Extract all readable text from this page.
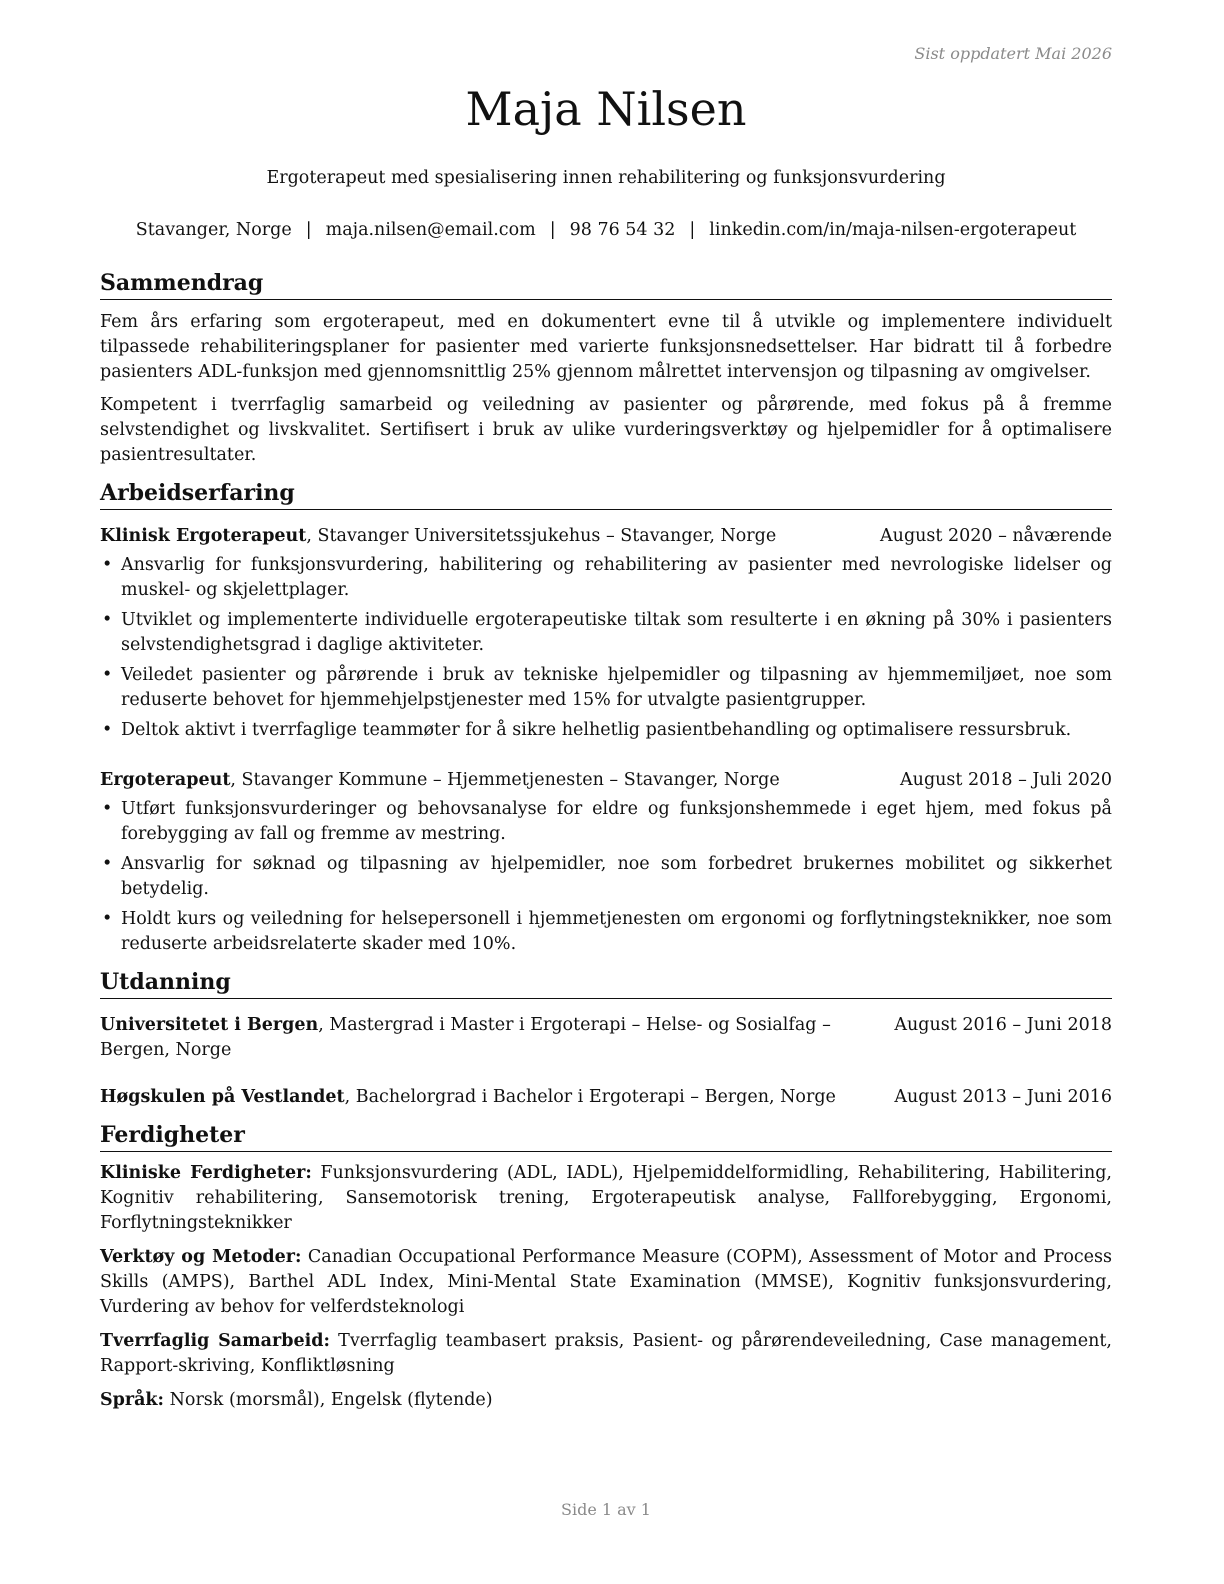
Sist oppdatert Mai 2026
Maja Nilsen
Ergoterapeut med spesialisering innen rehabilitering og funksjonsvurdering
Stavanger, Norge | maja.nilsen@email.com | 98 76 54 32 | linkedin.com/in/maja-nilsen-ergoterapeut
Sammendrag

Fem års erfaring som ergoterapeut, med en dokumentert evne til å utvikle og implementere individuelt tilpassede rehabiliteringsplaner for pasienter med varierte funksjonsnedsettelser. Har bidratt til å forbedre pasienters ADL-funksjon med gjennomsnittlig 25% gjennom målrettet intervensjon og tilpasning av omgivelser.

Kompetent i tverrfaglig samarbeid og veiledning av pasienter og pårørende, med fokus på å fremme selvstendighet og livskvalitet. Sertifisert i bruk av ulike vurderingsverktøy og hjelpemidler for å optimalisere pasientresultater.

Arbeidserfaring
Klinisk Ergoterapeut, Stavanger Universitetssjukehus – Stavanger, Norge	August 2020 – nåværende
• Ansvarlig for funksjonsvurdering, habilitering og rehabilitering av pasienter med nevrologiske lidelser og muskel- og skjelettplager.
• Utviklet og implementerte individuelle ergoterapeutiske tiltak som resulterte i en økning på 30% i pasienters selvstendighetsgrad i daglige aktiviteter.
• Veiledet pasienter og pårørende i bruk av tekniske hjelpemidler og tilpasning av hjemmemiljøet, noe som reduserte behovet for hjemmehjelpstjenester med 15% for utvalgte pasientgrupper.
• Deltok aktivt i tverrfaglige teammøter for å sikre helhetlig pasientbehandling og optimalisere ressursbruk.
Ergoterapeut, Stavanger Kommune – Hjemmetjenesten – Stavanger, Norge	August 2018 – Juli 2020
• Utført funksjonsvurderinger og behovsanalyse for eldre og funksjonshemmede i eget hjem, med fokus på forebygging av fall og fremme av mestring.
• Ansvarlig for søknad og tilpasning av hjelpemidler, noe som forbedret brukernes mobilitet og sikkerhet betydelig.
• Holdt kurs og veiledning for helsepersonell i hjemmetjenesten om ergonomi og forflytningsteknikker, noe som reduserte arbeidsrelaterte skader med 10%.
Utdanning
Universitetet i Bergen, Mastergrad i Master i Ergoterapi – Helse- og Sosialfag – Bergen, Norge
August 2016 – Juni 2018
Høgskulen på Vestlandet, Bachelorgrad i Bachelor i Ergoterapi – Bergen, Norge	August 2013 – Juni 2016
Ferdigheter
Kliniske Ferdigheter: Funksjonsvurdering (ADL, IADL), Hjelpemiddelformidling, Rehabilitering, Habilitering, Kognitiv rehabilitering, Sansemotorisk trening, Ergoterapeutisk analyse, Fallforebygging, Ergonomi, Forflytningsteknikker
Verktøy og Metoder: Canadian Occupational Performance Measure (COPM), Assessment of Motor and Process Skills (AMPS), Barthel ADL Index, Mini-Mental State Examination (MMSE), Kognitiv funksjonsvurdering, Vurdering av behov for velferdsteknologi
Tverrfaglig Samarbeid: Tverrfaglig teambasert praksis, Pasient- og pårørendeveiledning, Case management, Rapport-skriving, Konfliktløsning
Språk: Norsk (morsmål), Engelsk (flytende)
Side 1 av 1
